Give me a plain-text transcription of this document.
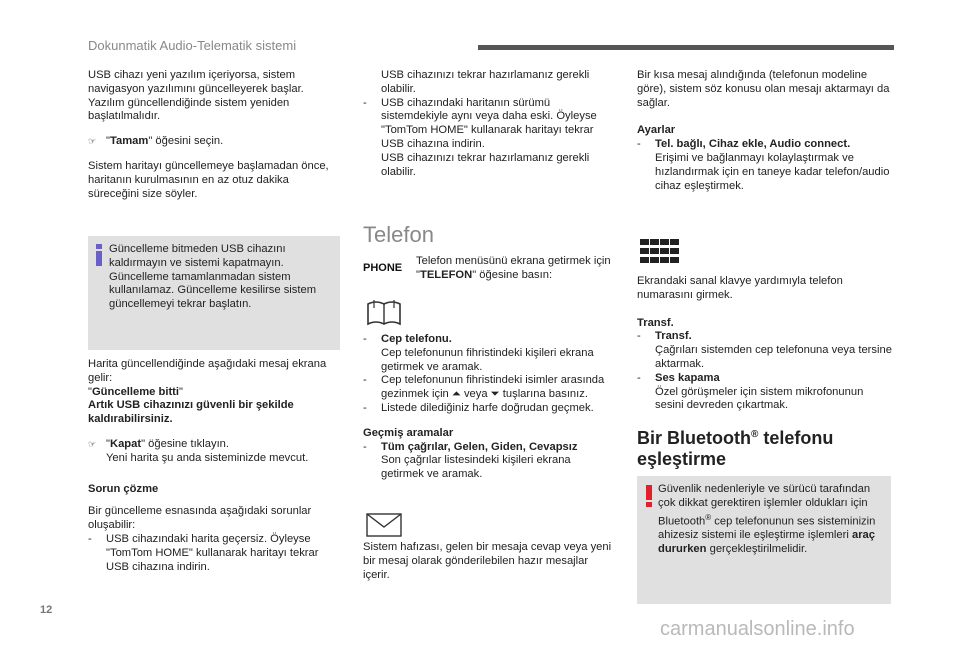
Dokunmatik Audio-Telematik sistemi

USB cihazı yeni yazılım içeriyorsa, sistem navigasyon yazılımını güncelleyerek başlar. Yazılım güncellendiğinde sistem yeniden başlatılmalıdır.

☞ "Tamam" öğesini seçin.

Sistem haritayı güncellemeye başlamadan önce, haritanın kurulmasının en az otuz dakika süreceğini size söyler.

Güncelleme bitmeden USB cihazını kaldırmayın ve sistemi kapatmayın. Güncelleme tamamlanmadan sistem kullanılamaz. Güncelleme kesilirse sistem güncellemeyi tekrar başlatın.

Harita güncellendiğinde aşağıdaki mesaj ekrana gelir:
"Güncelleme bitti"
Artık USB cihazınızı güvenli bir şekilde kaldırabilirsiniz.

☞ "Kapat" öğesine tıklayın.
Yeni harita şu anda sisteminizde mevcut.

Sorun çözme

Bir güncelleme esnasında aşağıdaki sorunlar oluşabilir:

-	USB cihazındaki harita geçersiz. Öyleyse "TomTom HOME" kullanarak haritayı tekrar USB cihazına indirin.
USB cihazınızı tekrar hazırlamanız gerekli olabilir.
-	USB cihazındaki haritanın sürümü sistemdekiyle aynı veya daha eski. Öyleyse "TomTom HOME" kullanarak haritayı tekrar USB cihazına indirin.
USB cihazınızı tekrar hazırlamanız gerekli olabilir.
Telefon
PHONE
Telefon menüsünü ekrana getirmek için "TELEFON" öğesine basın:
-	Cep telefonu.
Cep telefonunun fihristindeki kişileri ekrana getirmek ve aramak.
-	Cep telefonunun fihristindeki isimler arasında gezinmek için ⏶ veya ⏷ tuşlarına basınız.
-	Listede dilediğiniz harfe doğrudan geçmek.

Geçmiş aramalar

-	Tüm çağrılar, Gelen, Giden, Cevapsız
Son çağrılar listesindeki kişileri ekrana getirmek ve aramak.
Sistem hafızası, gelen bir mesaja cevap veya yeni bir mesaj olarak gönderilebilen hazır mesajlar içerir.

Bir kısa mesaj alındığında (telefonun modeline göre), sistem söz konusu olan mesajı aktarmayı da sağlar.

Ayarlar

-	Tel. bağlı, Cihaz ekle, Audio connect.
Erişimi ve bağlanmayı kolaylaştırmak ve hızlandırmak için en taneye kadar telefon/audio cihaz eşleştirmek.

Ekrandaki sanal klavye yardımıyla telefon numarasını girmek.

Transf.

-	Transf.
Çağrıları sistemden cep telefonuna veya tersine aktarmak.
-	Ses kapama
Özel görüşmeler için sistem mikrofonunun sesini devreden çıkartmak.
Bir Bluetooth® telefonu
eşleştirme
Güvenlik nedenleriyle ve sürücü tarafından çok dikkat gerektiren işlemler oldukları için Bluetooth® cep telefonunun ses sisteminizin ahizesiz sistemi ile eşleştirme işlemleri araç dururken gerçekleştirilmelidir.
12
carmanualsonline.info
